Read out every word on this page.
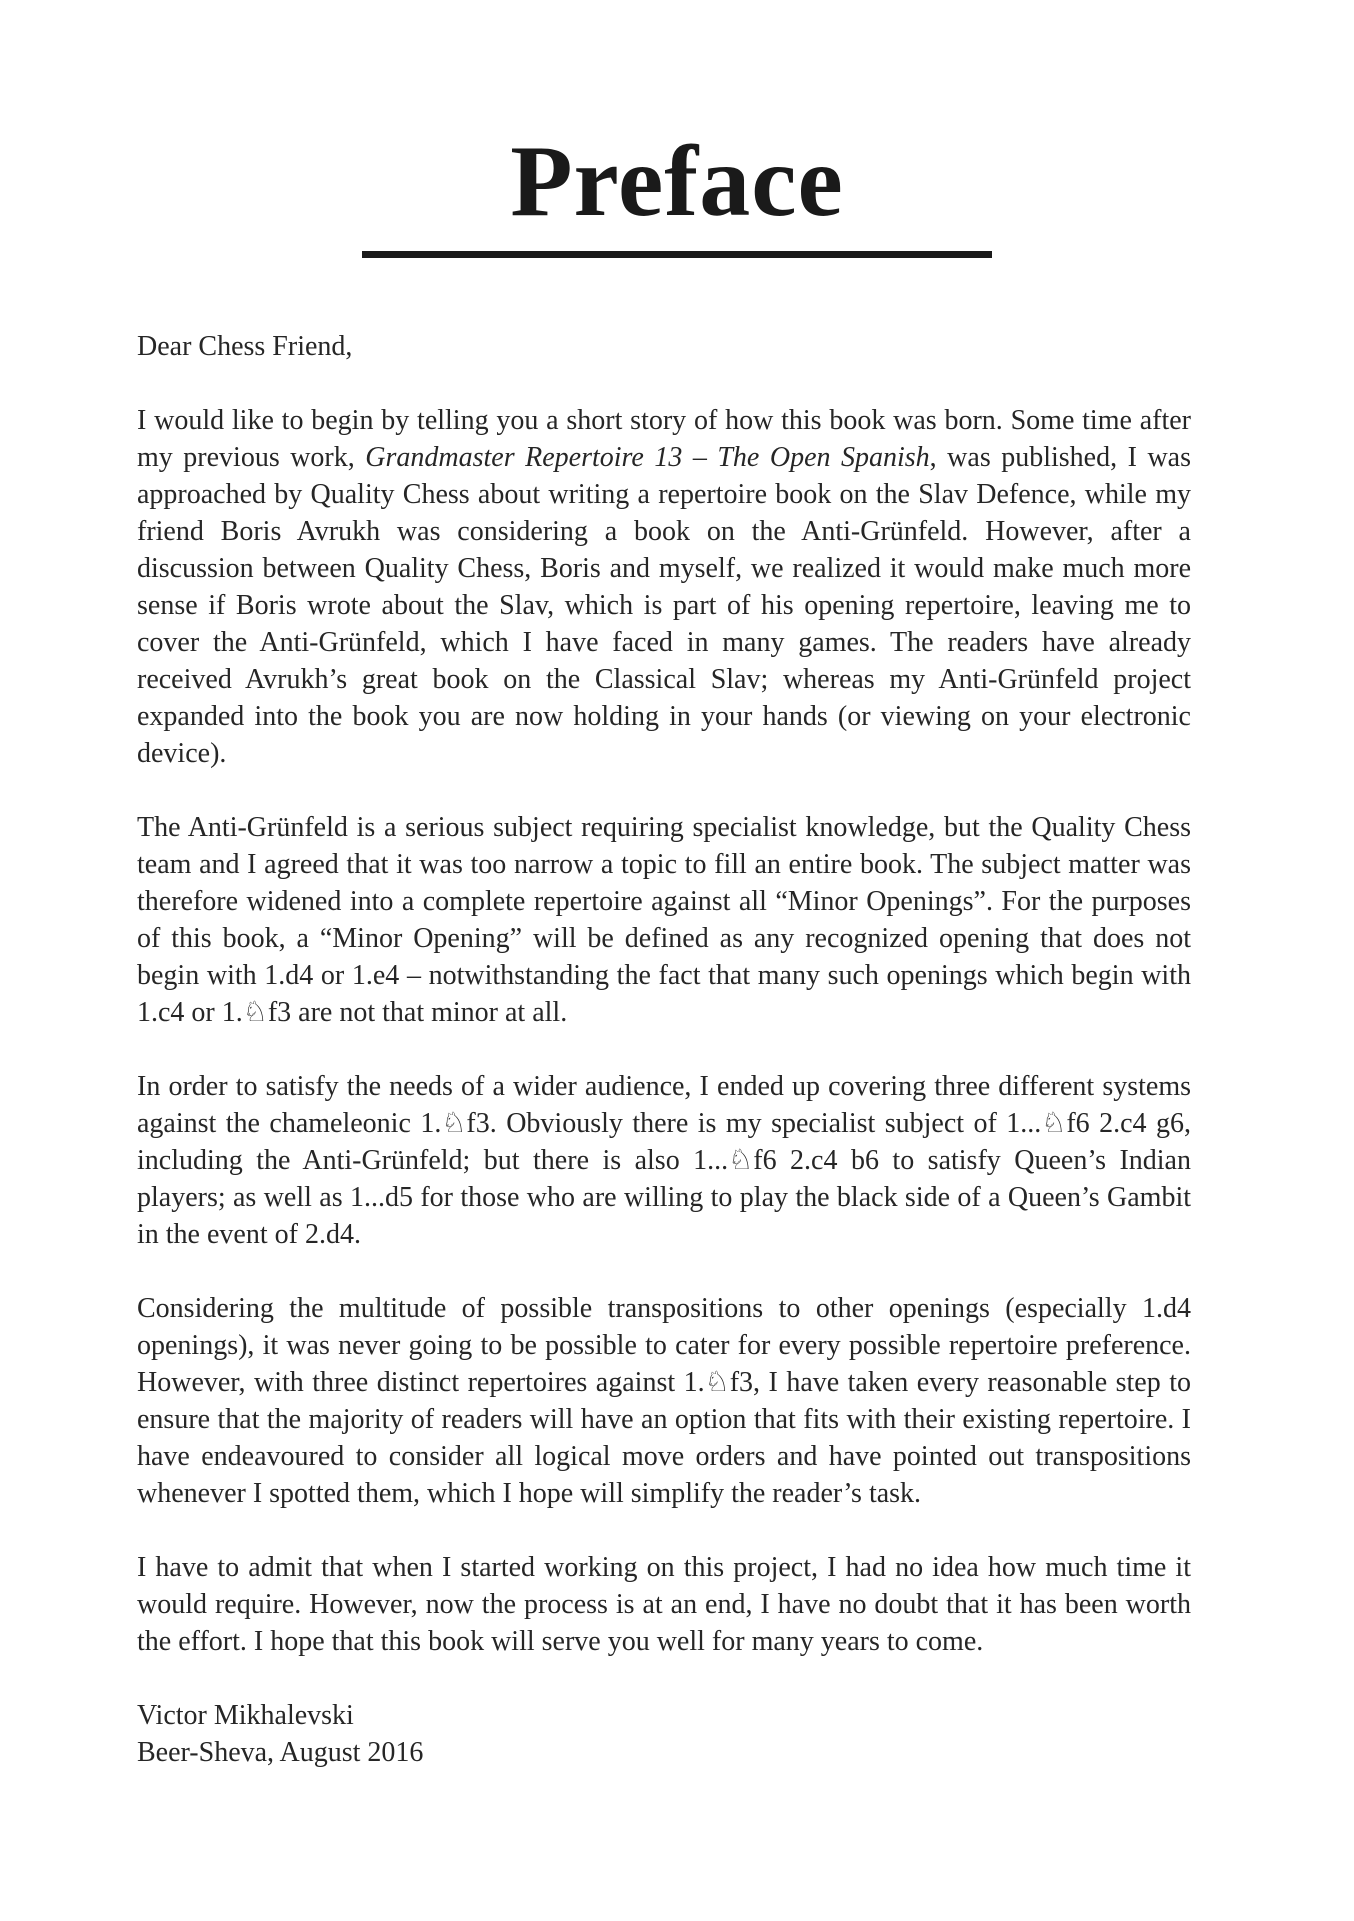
Preface

Dear Chess Friend,

I would like to begin by telling you a short story of how this book was born. Some time after my previous work, Grandmaster Repertoire 13 – The Open Spanish, was published, I was approached by Quality Chess about writing a repertoire book on the Slav Defence, while my friend Boris Avrukh was considering a book on the Anti-Grünfeld. However, after a discussion between Quality Chess, Boris and myself, we realized it would make much more sense if Boris wrote about the Slav, which is part of his opening repertoire, leaving me to cover the Anti-Grünfeld, which I have faced in many games. The readers have already received Avrukh’s great book on the Classical Slav; whereas my Anti-Grünfeld project expanded into the book you are now holding in your hands (or viewing on your electronic device).

The Anti-Grünfeld is a serious subject requiring specialist knowledge, but the Quality Chess team and I agreed that it was too narrow a topic to fill an entire book. The subject matter was therefore widened into a complete repertoire against all “Minor Openings”. For the purposes of this book, a “Minor Opening” will be defined as any recognized opening that does not begin with 1.d4 or 1.e4 – notwithstanding the fact that many such openings which begin with 1.c4 or 1.♘f3 are not that minor at all.

In order to satisfy the needs of a wider audience, I ended up covering three different systems against the chameleonic 1.♘f3. Obviously there is my specialist subject of 1...♘f6 2.c4 g6, including the Anti-Grünfeld; but there is also 1...♘f6 2.c4 b6 to satisfy Queen’s Indian players; as well as 1...d5 for those who are willing to play the black side of a Queen’s Gambit in the event of 2.d4.

Considering the multitude of possible transpositions to other openings (especially 1.d4 openings), it was never going to be possible to cater for every possible repertoire preference. However, with three distinct repertoires against 1.♘f3, I have taken every reasonable step to ensure that the majority of readers will have an option that fits with their existing repertoire. I have endeavoured to consider all logical move orders and have pointed out transpositions whenever I spotted them, which I hope will simplify the reader’s task.

I have to admit that when I started working on this project, I had no idea how much time it would require. However, now the process is at an end, I have no doubt that it has been worth the effort. I hope that this book will serve you well for many years to come.

Victor Mikhalevski

Beer-Sheva, August 2016
